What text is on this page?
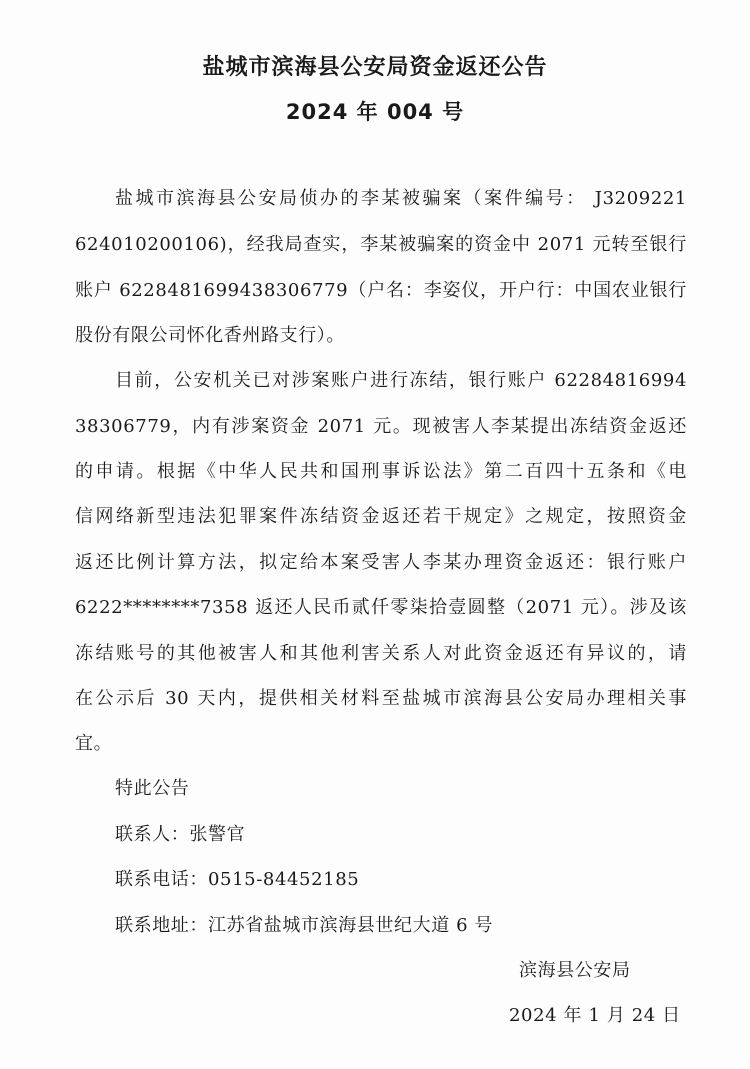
盐城市滨海县公安局资金返还公告
2024 年 004 号
盐城市滨海县公安局侦办的李某被骗案（案件编号： J3209221
624010200106)，经我局查实，李某被骗案的资金中 2071 元转至银行
账户 6228481699438306779（户名：李姿仪，开户行：中国农业银行
股份有限公司怀化香州路支行）。
目前，公安机关已对涉案账户进行冻结，银行账户 62284816994
38306779，内有涉案资金 2071 元。现被害人李某提出冻结资金返还
的申请。根据《中华人民共和国刑事诉讼法》第二百四十五条和《电
信网络新型违法犯罪案件冻结资金返还若干规定》之规定，按照资金
返还比例计算方法，拟定给本案受害人李某办理资金返还：银行账户
6222********7358 返还人民币贰仟零柒拾壹圆整（2071 元）。涉及该
冻结账号的其他被害人和其他利害关系人对此资金返还有异议的，请
在公示后 30 天内，提供相关材料至盐城市滨海县公安局办理相关事
宜。
特此公告
联系人：张警官
联系电话：0515-84452185
联系地址：江苏省盐城市滨海县世纪大道 6 号
滨海县公安局
2024 年 1 月 24 日
